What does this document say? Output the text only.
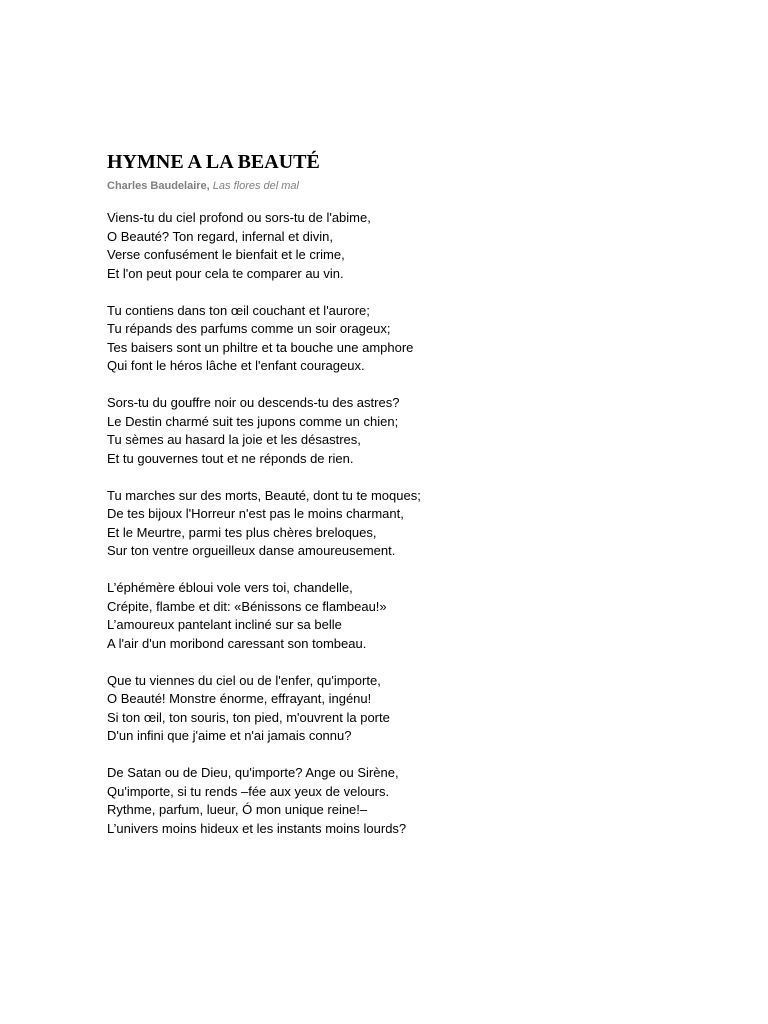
HYMNE A LA BEAUTÉ
Charles Baudelaire, Las flores del mal
Viens-tu du ciel profond ou sors-tu de l'abime,
O Beauté? Ton regard, infernal et divin,
Verse confusément le bienfait et le crime,
Et l'on peut pour cela te comparer au vin.
Tu contiens dans ton œil couchant et l'aurore;
Tu répands des parfums comme un soir orageux;
Tes baisers sont un philtre et ta bouche une amphore
Qui font le héros lâche et l'enfant courageux.
Sors-tu du gouffre noir ou descends-tu des astres?
Le Destin charmé suit tes jupons comme un chien;
Tu sèmes au hasard la joie et les désastres,
Et tu gouvernes tout et ne réponds de rien.
Tu marches sur des morts, Beauté, dont tu te moques;
De tes bijoux l'Horreur n'est pas le moins charmant,
Et le Meurtre, parmi tes plus chères breloques,
Sur ton ventre orgueilleux danse amoureusement.
L’éphémère ébloui vole vers toi, chandelle,
Crépite, flambe et dit: «Bénissons ce flambeau!»
L’amoureux pantelant incliné sur sa belle
A l'air d'un moribond caressant son tombeau.
Que tu viennes du ciel ou de l'enfer, qu'importe,
O Beauté! Monstre énorme, effrayant, ingénu!
Si ton œil, ton souris, ton pied, m'ouvrent la porte
D'un infini que j'aime et n'ai jamais connu?
De Satan ou de Dieu, qu'importe? Ange ou Sirène,
Qu'importe, si tu rends –fée aux yeux de velours.
Rythme, parfum, lueur, Ó mon unique reine!–
L’univers moins hideux et les instants moins lourds?
